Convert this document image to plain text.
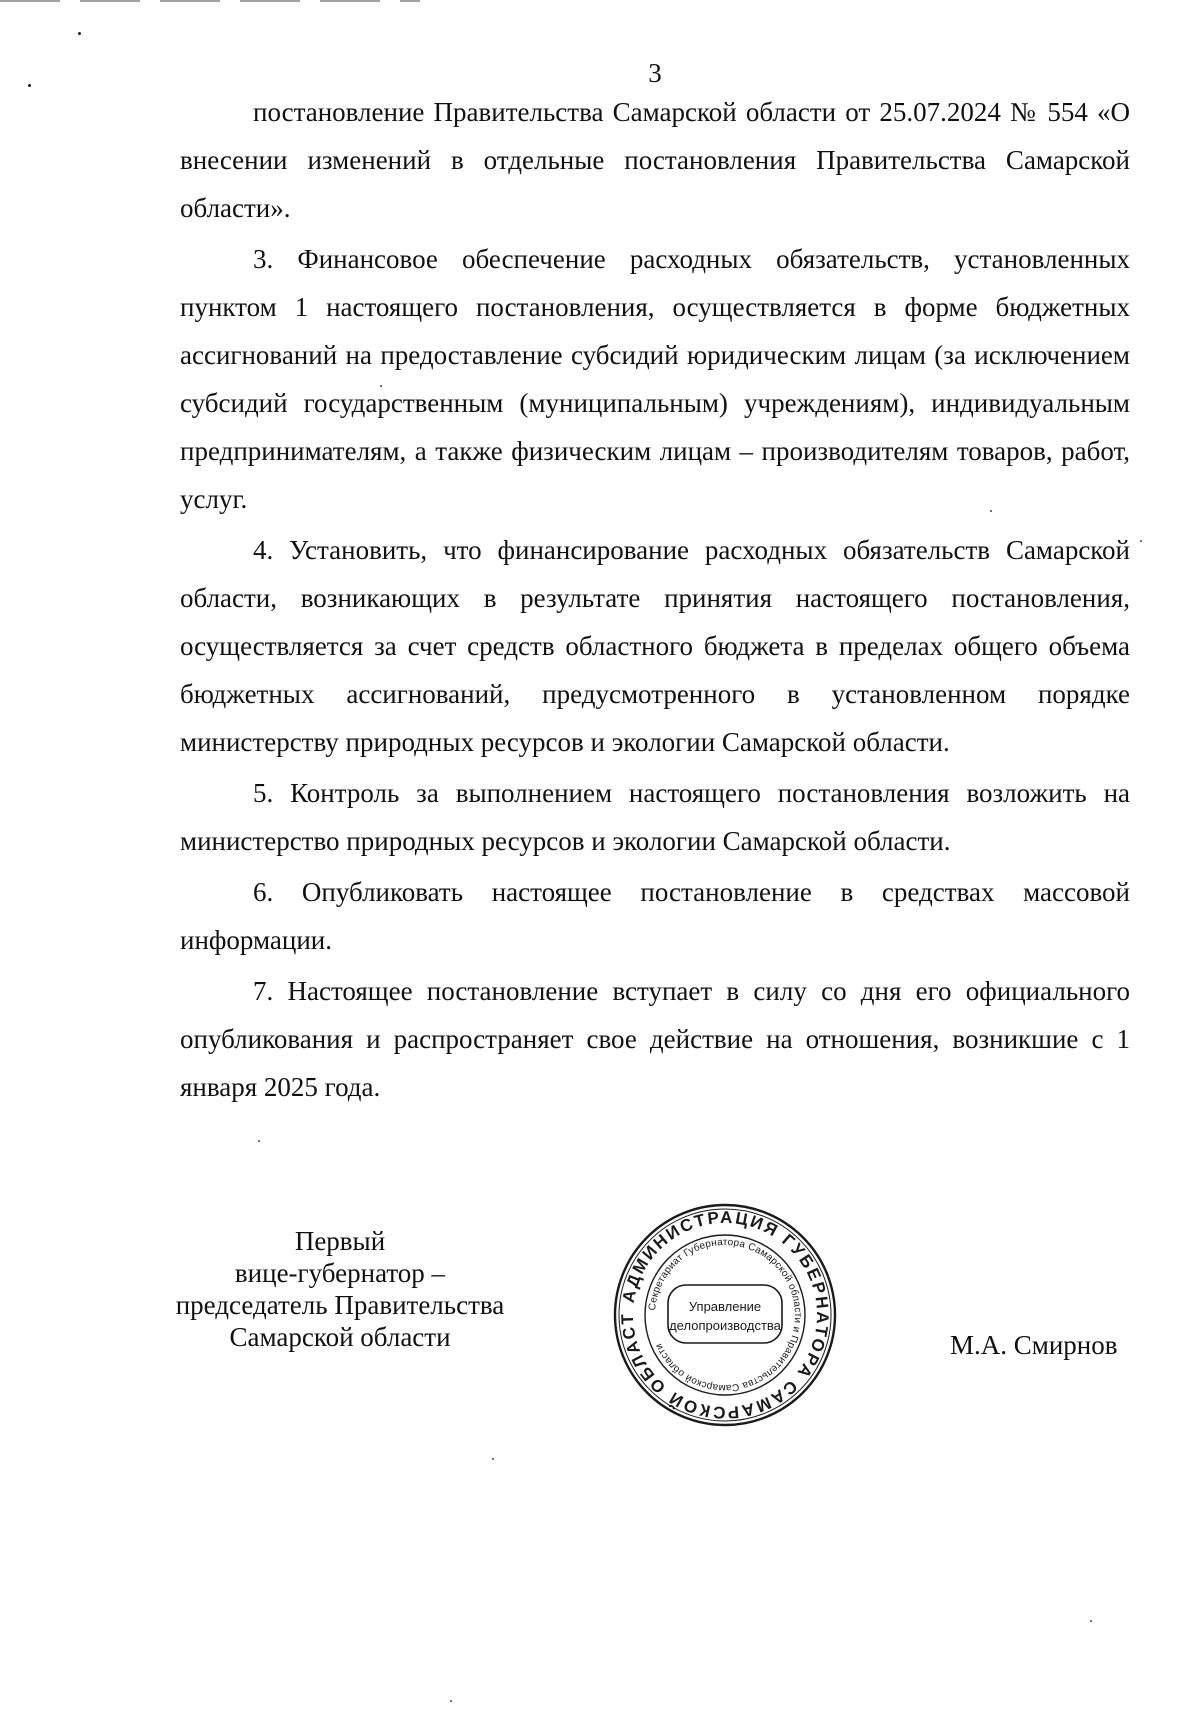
3

постановление Правительства Самарской области от 25.07.2024 № 554 «О внесении изменений в отдельные постановления Правительства Самарской области».

3. Финансовое обеспечение расходных обязательств, установленных пунктом 1 настоящего постановления, осуществляется в форме бюджетных ассигнований на предоставление субсидий юридическим лицам (за исключением субсидий государственным (муниципальным) учреждениям), индивидуальным предпринимателям, а также физическим лицам – производителям товаров, работ, услуг.

4. Установить, что финансирование расходных обязательств Самарской области, возникающих в результате принятия настоящего постановления, осуществляется за счет средств областного бюджета в пределах общего объема бюджетных ассигнований, предусмотренного в установленном порядке министерству природных ресурсов и экологии Самарской области.

5. Контроль за выполнением настоящего постановления возложить на министерство природных ресурсов и экологии Самарской области.

6. Опубликовать настоящее постановление в средствах массовой информации.

7. Настоящее постановление вступает в силу со дня его официального опубликования и распространяет свое действие на отношения, возникшие с 1 января 2025 года.

Первый
вице-губернатор –
председатель Правительства
Самарской области
АДМИНИСТРАЦИЯ ГУБЕРНАТОРА САМАРСКОЙ ОБЛАСТ
Секретариат Губернатора Самарской области и Правительства Самарской области
Управление
делопроизводства
М.А. Смирнов
